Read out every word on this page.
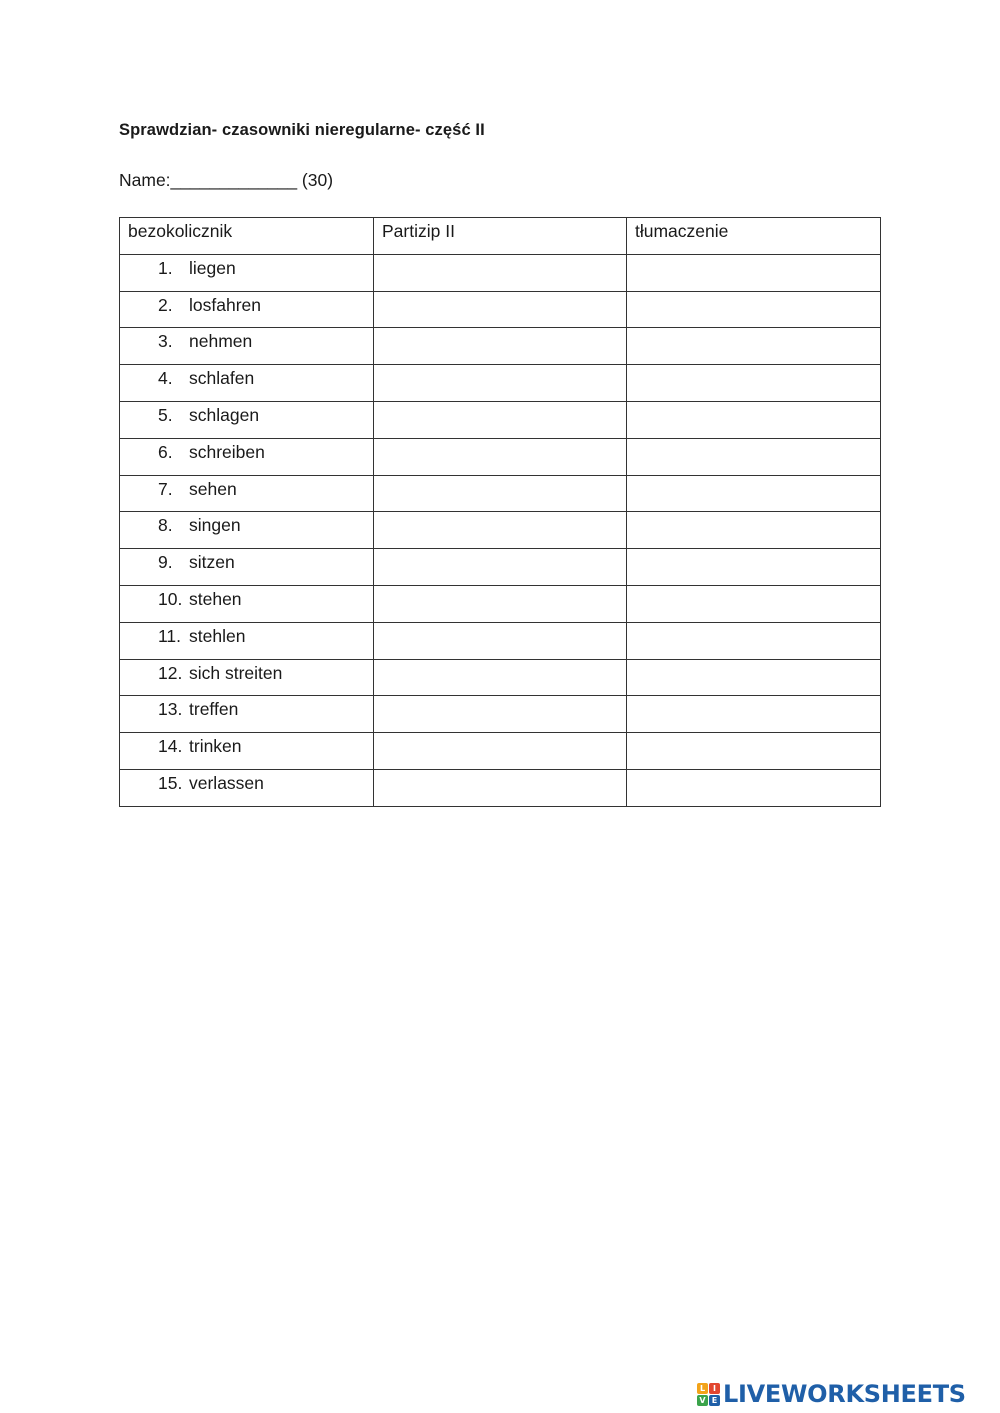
Sprawdzian- czasowniki nieregularne- część II
Name:_____________ (30)
bezokolicznik	Partizip II	tłumaczenie
1. liegen	

2. losfahren	

3. nehmen	

4. schlafen	

5. schlagen	

6. schreiben	

7. sehen	

8. singen	

9. sitzen	

10. stehen	

11. stehlen	

12. sich streiten	

13. treffen	

14. trinken	

15. verlassen	

L I
V E LIVEWORKSHEETS
